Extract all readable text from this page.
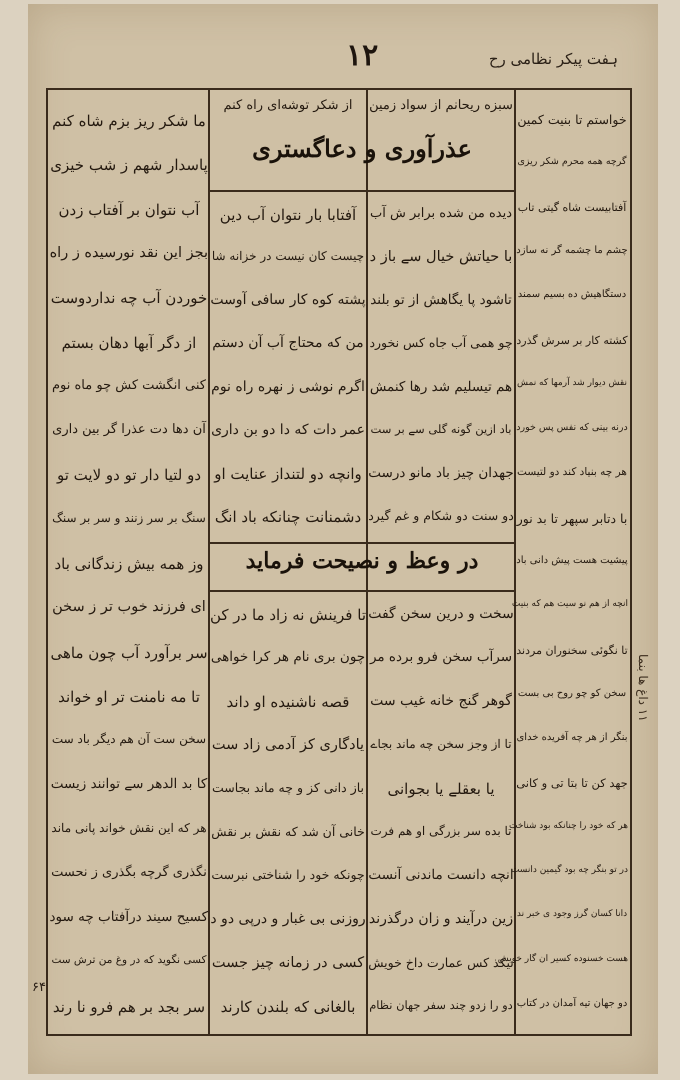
۱۲	ہفت پیکر نظامی رح
عذرآوری و دعاگستری
در وعظ و نصیحت فرماید
سبزه ریحانم از سواد زمین
از شکر توشه‌ای راه کنم
خواستم تا بنیت کمین
گرچه همه محرم شکر ریزی
آفتابیست شاه گیتی تاب
چشم ما چشمه گر نه سازد
دستگاهیش ده بسیم سمند
کشته کار بر سرش گذرد
نقش دیوار شد آرمها که نمش
درنه بینی که نفس پس خورد
هر چه بنیاد کند دو لتیست
با دتابر سپهر تا بد نور
پیشیت هست پیش دانی باد
انچه از هم نو سیت هم که بنیت
تا نگوئی سخنوران مردند
سخن کو چو روح بی بست
بنگر از هر چه آفریده خدای
جهد کن تا بتا تی و کانی
هر که خود را چنانکه بود شناخت
در تو بنگر چه بود گیمین دانست
دانا کسان گرز وجود ی خبر ند
هست خسنوده کسیر ان گار خویش
دو جهان تیه آمدان در کتاب
دیده من شده برابر ش آب
با حیاتش خیال سے باز د
تاشود پا یگاهش از تو بلند
چو همی آب جاه کس نخورد
هم تیسلیم شد رها کنمش
باد ازین گونه گلی سے بر ست
جهدان چیز باد مانو درست
دو سنت دو شکام و غم گیرد
سخت و درین سخن گفت
سرآب سخن فرو برده مر
گوهر گنج خانه غیب ست
تا از وجز سخن چه ماند بجاے
یا بعقلے یا بجوانی
تا بده سر بزرگی او هم فرت
انچه دانست ماندنی آنست
زین درآیند و زان درگذرند
نیکذ کس عمارت داخ خویش
دو را زدو چند سفر جهان نظام
آفتابا بار نتوان آب دین
چیست کان نیست در خزانه شا
پشته کوه کار سافی آوست
من که محتاج آب آن دستم
اگرم نوشی ز نهره راه نوم
عمر دات که دا دو بن داری
وانچه دو لتنداز عنایت او
دشمنانت چنانکه باد انگ
تا فرینش نه زاد ما در کن
چون بری نام هر کرا خواهی
قصه ناشنیده او داند
یادگاری کز آدمی زاد ست
باز دانی کز و چه ماند بجاست
خانی آن شد که نقش بر نقش
چونکه خود را شناختی نبرست
روزنی بی غبار و درپی دو د
کسی در زمانه چیز جست
بالغانی که بلندن کارند
ما شکر ریز بزم شاه کنم
پاسدار شهم ز شب خیزی
آب نتوان بر آفتاب زدن
بجز این نقد نورسیده ز راه
خوردن آب چه نداردوست
از دگر آبها دهان بستم
کنی انگشت کش چو ماه نوم
آن دها دت عذرا گر بین داری
دو لتیا دار تو دو لایت تو
سنگ بر سر زنند و سر بر سنگ
وز همه بیش زندگانی باد
ای فرزند خوب تر ز سخن
سر برآورد آب چون ماهی
تا مه نامنت تر او خواند
سخن ست آن هم دیگر باد ست
کا بد الدهر سے توانند زیست
هر که این نقش خواند پانی ماند
نگذری گرچه بگذری ز نحست
کسیح سیند درآفتاب چه سود
کسی نگوید که در وغ من ترش ست
سر بجد بر هم فرو نا رند
۱۱ داغ ها بنما
۶۴
